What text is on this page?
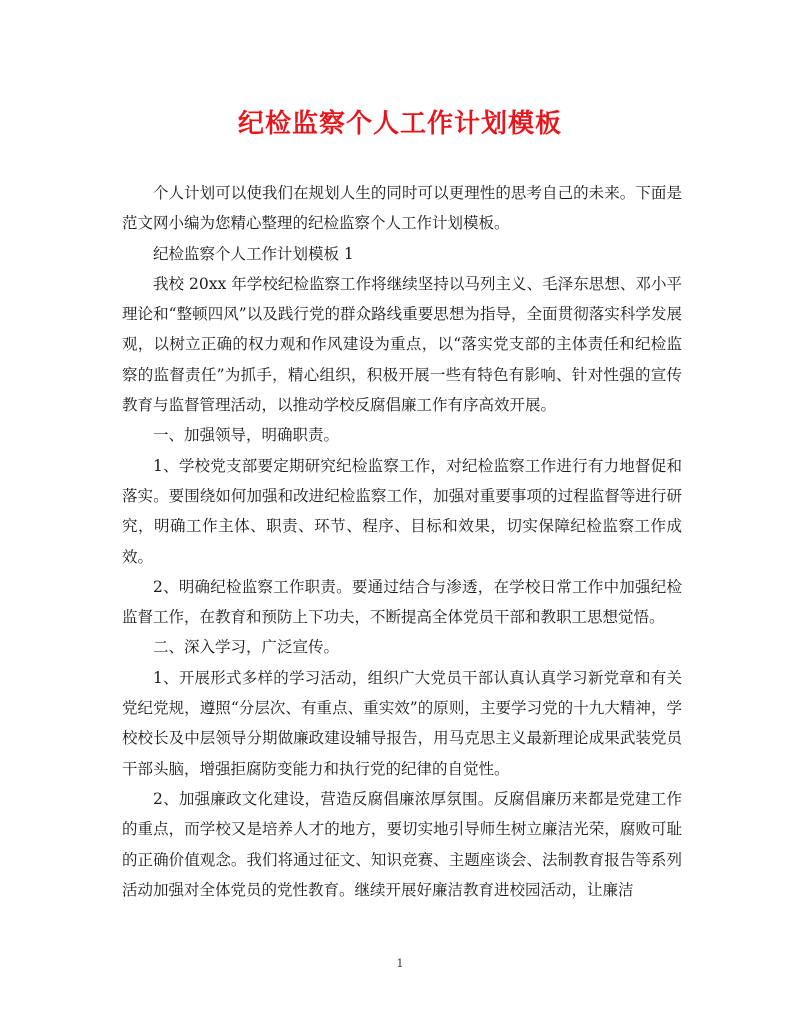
纪检监察个人工作计划模板

个人计划可以使我们在规划人生的同时可以更理性的思考自己的未来。下面是范文网小编为您精心整理的纪检监察个人工作计划模板。

纪检监察个人工作计划模板 1

我校 20xx 年学校纪检监察工作将继续坚持以马列主义、毛泽东思想、邓小平理论和“整顿四风”以及践行党的群众路线重要思想为指导，全面贯彻落实科学发展观，以树立正确的权力观和作风建设为重点，以“落实党支部的主体责任和纪检监察的监督责任”为抓手，精心组织，积极开展一些有特色有影响、针对性强的宣传教育与监督管理活动，以推动学校反腐倡廉工作有序高效开展。

一、加强领导，明确职责。

1、学校党支部要定期研究纪检监察工作，对纪检监察工作进行有力地督促和落实。要围绕如何加强和改进纪检监察工作，加强对重要事项的过程监督等进行研究，明确工作主体、职责、环节、程序、目标和效果，切实保障纪检监察工作成效。

2、明确纪检监察工作职责。要通过结合与渗透，在学校日常工作中加强纪检监督工作，在教育和预防上下功夫，不断提高全体党员干部和教职工思想觉悟。

二、深入学习，广泛宣传。

1、开展形式多样的学习活动，组织广大党员干部认真认真学习新党章和有关党纪党规，遵照“分层次、有重点、重实效”的原则，主要学习党的十九大精神，学校校长及中层领导分期做廉政建设辅导报告，用马克思主义最新理论成果武装党员干部头脑，增强拒腐防变能力和执行党的纪律的自觉性。

2、加强廉政文化建设，营造反腐倡廉浓厚氛围。反腐倡廉历来都是党建工作的重点，而学校又是培养人才的地方，要切实地引导师生树立廉洁光荣，腐败可耻的正确价值观念。我们将通过征文、知识竞赛、主题座谈会、法制教育报告等系列活动加强对全体党员的党性教育。继续开展好廉洁教育进校园活动，让廉洁

1
